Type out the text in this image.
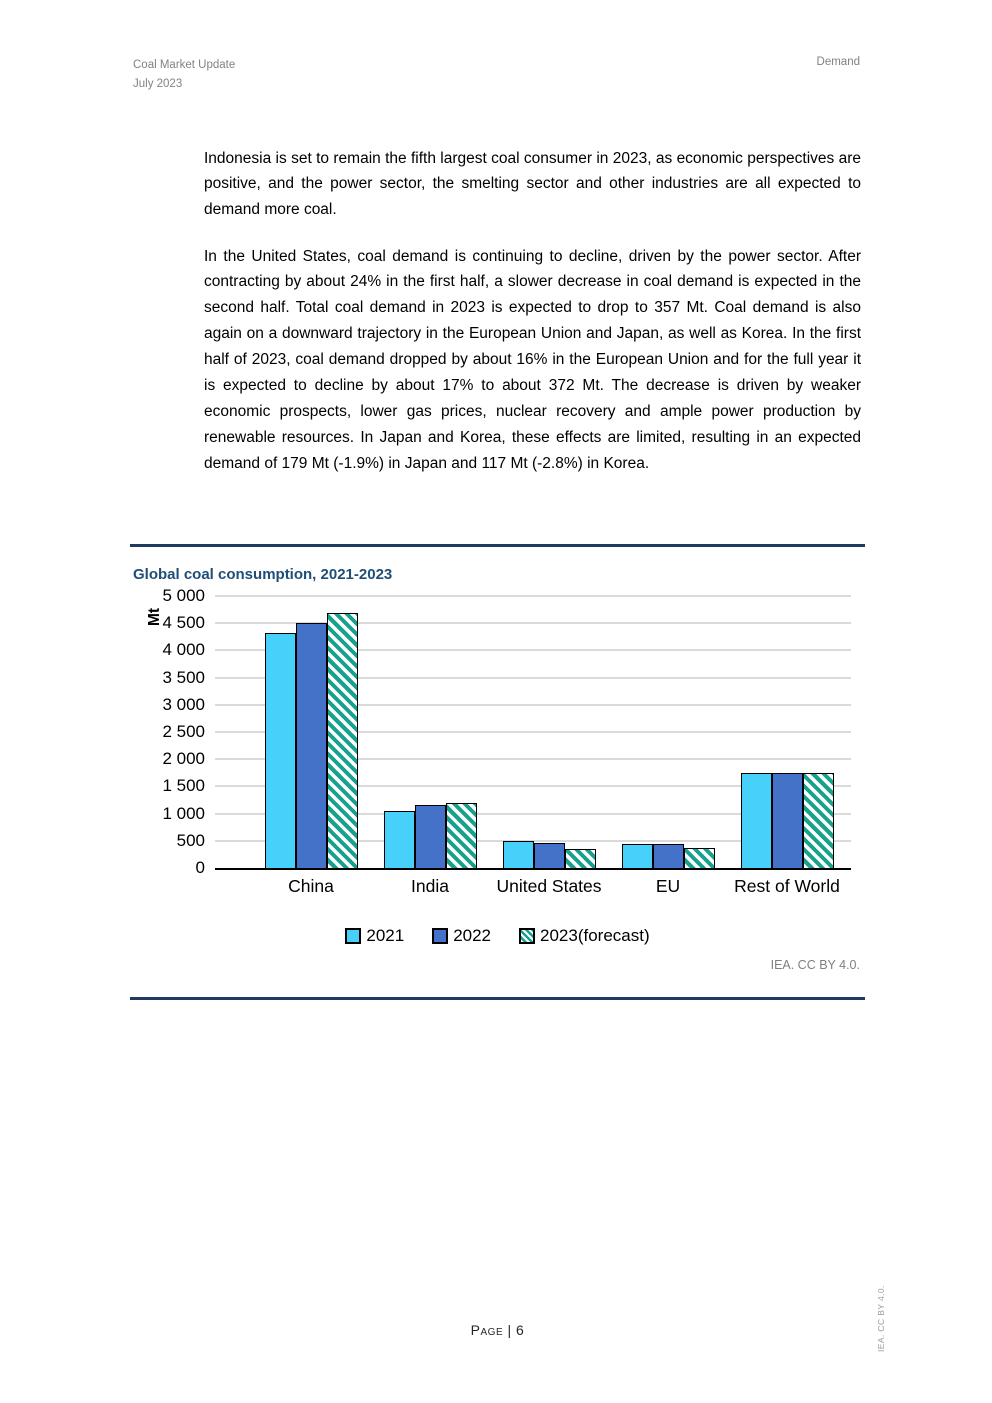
Coal Market Update
July 2023
Demand

Indonesia is set to remain the fifth largest coal consumer in 2023, as economic perspectives are positive, and the power sector, the smelting sector and other industries are all expected to demand more coal.

In the United States, coal demand is continuing to decline, driven by the power sector. After contracting by about 24% in the first half, a slower decrease in coal demand is expected in the second half. Total coal demand in 2023 is expected to drop to 357 Mt. Coal demand is also again on a downward trajectory in the European Union and Japan, as well as Korea. In the first half of 2023, coal demand dropped by about 16% in the European Union and for the full year it is expected to decline by about 17% to about 372 Mt. The decrease is driven by weaker economic prospects, lower gas prices, nuclear recovery and ample power production by renewable resources. In Japan and Korea, these effects are limited, resulting in an expected demand of 179 Mt (-1.9%) in Japan and 117 Mt (-2.8%) in Korea.

Global coal consumption, 2021-2023
Mt
0
500
1 000
1 500
2 000
2 500
3 000
3 500
4 000
4 500
5 000
China	India	United States	EU	Rest of World
2021	2022	2023(forecast)
IEA. CC BY 4.0.
Page | 6	IEA. CC BY 4.0.
